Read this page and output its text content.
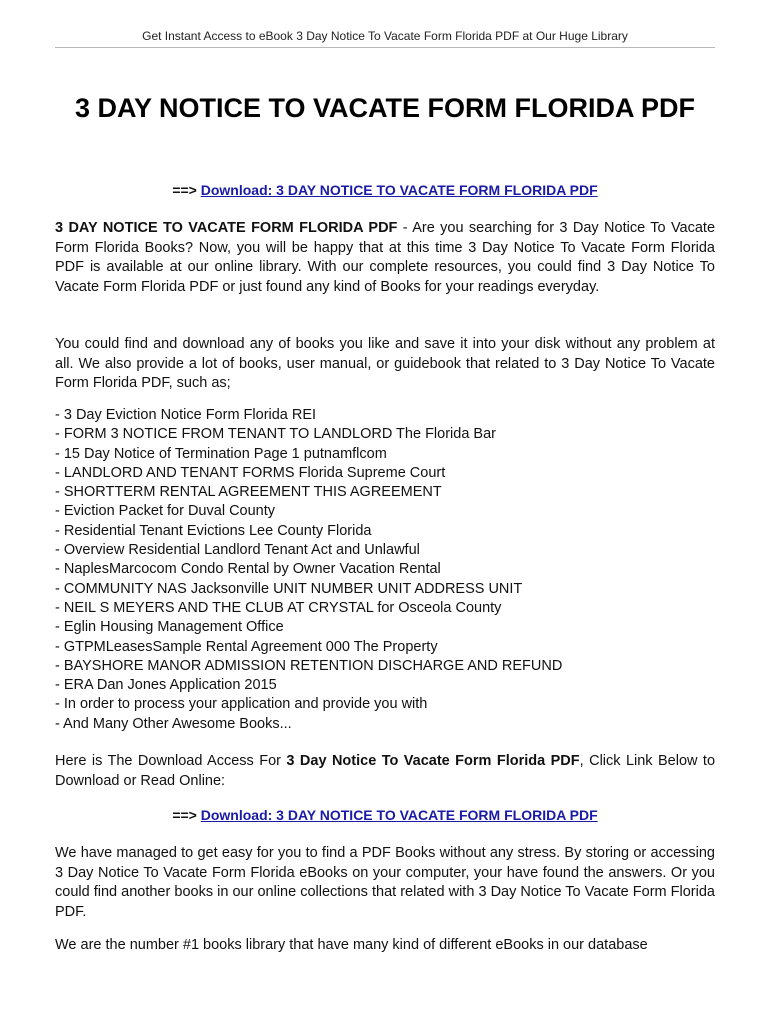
Get Instant Access to eBook 3 Day Notice To Vacate Form Florida PDF at Our Huge Library
3 DAY NOTICE TO VACATE FORM FLORIDA PDF
==> Download: 3 DAY NOTICE TO VACATE FORM FLORIDA PDF

3 DAY NOTICE TO VACATE FORM FLORIDA PDF - Are you searching for 3 Day Notice To Vacate Form Florida Books? Now, you will be happy that at this time 3 Day Notice To Vacate Form Florida PDF is available at our online library. With our complete resources, you could find 3 Day Notice To Vacate Form Florida PDF or just found any kind of Books for your readings everyday.

You could find and download any of books you like and save it into your disk without any problem at all. We also provide a lot of books, user manual, or guidebook that related to 3 Day Notice To Vacate Form Florida PDF, such as;

- 3 Day Eviction Notice Form Florida REI
- FORM 3 NOTICE FROM TENANT TO LANDLORD The Florida Bar
- 15 Day Notice of Termination Page 1 putnamflcom
- LANDLORD AND TENANT FORMS Florida Supreme Court
- SHORTTERM RENTAL AGREEMENT THIS AGREEMENT
- Eviction Packet for Duval County
- Residential Tenant Evictions Lee County Florida
- Overview Residential Landlord Tenant Act and Unlawful
- NaplesMarcocom Condo Rental by Owner Vacation Rental
- COMMUNITY NAS Jacksonville UNIT NUMBER UNIT ADDRESS UNIT
- NEIL S MEYERS AND THE CLUB AT CRYSTAL for Osceola County
- Eglin Housing Management Office
- GTPMLeasesSample Rental Agreement 000 The Property
- BAYSHORE MANOR ADMISSION RETENTION DISCHARGE AND REFUND
- ERA Dan Jones Application 2015
- In order to process your application and provide you with
- And Many Other Awesome Books...

Here is The Download Access For 3 Day Notice To Vacate Form Florida PDF, Click Link Below to Download or Read Online:

==> Download: 3 DAY NOTICE TO VACATE FORM FLORIDA PDF

We have managed to get easy for you to find a PDF Books without any stress. By storing or accessing 3 Day Notice To Vacate Form Florida eBooks on your computer, your have found the answers. Or you could find another books in our online collections that related with 3 Day Notice To Vacate Form Florida PDF.

We are the number #1 books library that have many kind of different eBooks in our database
